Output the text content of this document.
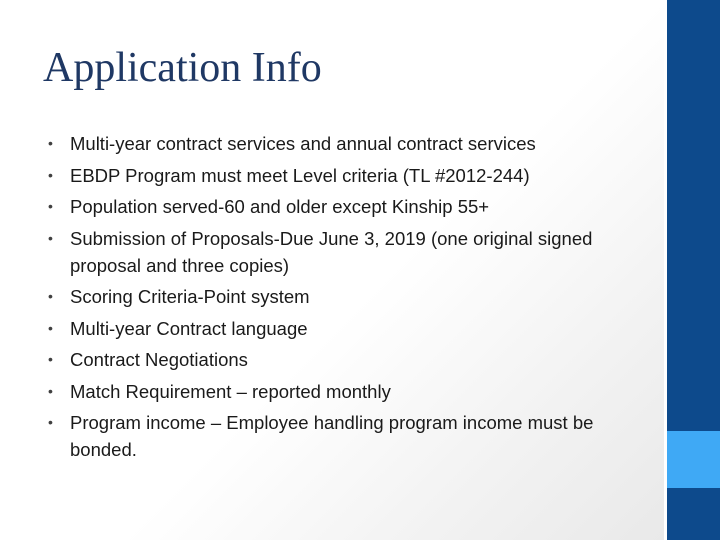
Application Info
• Multi-year contract services and annual contract services
• EBDP Program must meet Level criteria (TL #2012-244)
• Population served-60 and older except Kinship 55+
• Submission of Proposals-Due June 3, 2019 (one original signed proposal and three copies)
• Scoring Criteria-Point system
• Multi-year Contract language
• Contract Negotiations
• Match Requirement – reported monthly
• Program income – Employee handling program income must be bonded.
